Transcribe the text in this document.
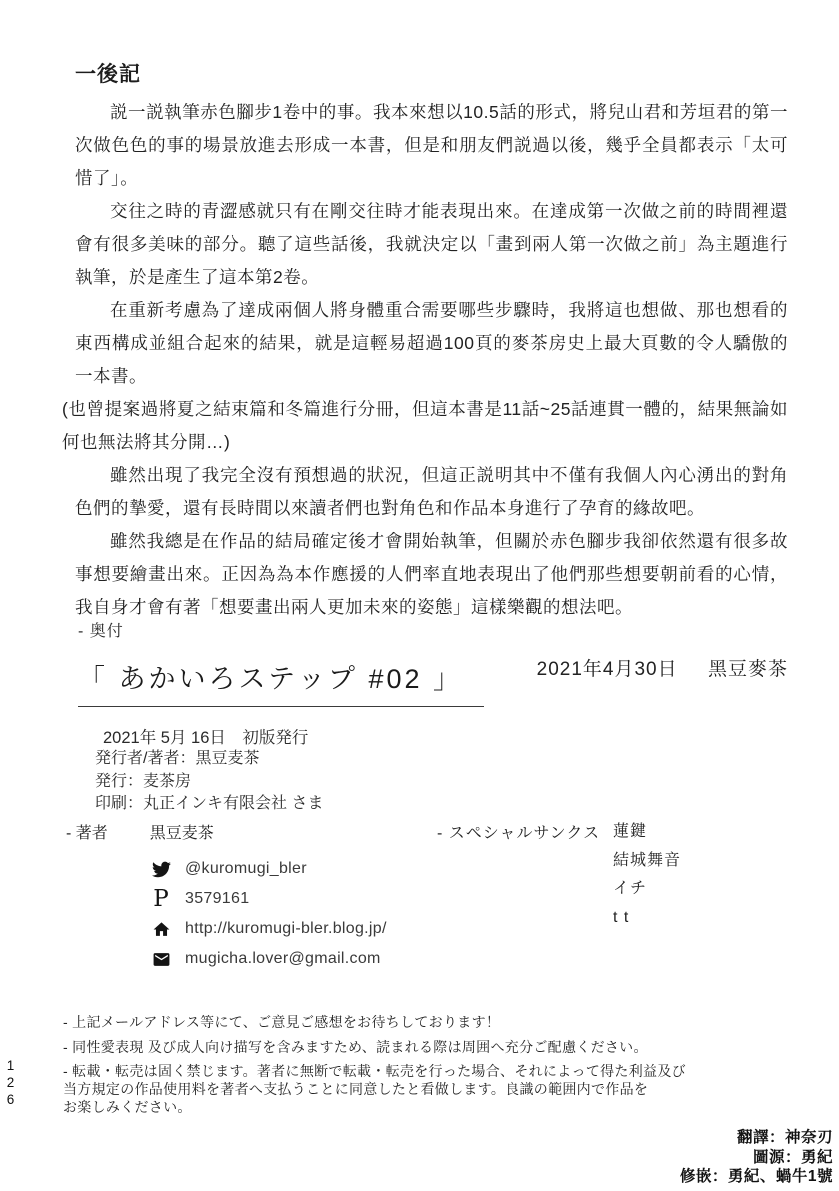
一後記

説一説執筆赤色腳步1卷中的事。我本來想以10.5話的形式，將兒山君和芳垣君的第一次做色色的事的場景放進去形成一本書，但是和朋友們説過以後，幾乎全員都表示「太可惜了」。

交往之時的青澀感就只有在剛交往時才能表現出來。在達成第一次做之前的時間裡還會有很多美味的部分。聽了這些話後，我就決定以「畫到兩人第一次做之前」為主題進行執筆，於是產生了這本第2卷。

在重新考慮為了達成兩個人將身體重合需要哪些步驟時，我將這也想做、那也想看的東西構成並組合起來的結果，就是這輕易超過100頁的麥茶房史上最大頁數的令人驕傲的一本書。

(也曾提案過將夏之結束篇和冬篇進行分冊，但這本書是11話~25話連貫一體的，結果無論如何也無法將其分開…)

雖然出現了我完全沒有預想過的狀況，但這正説明其中不僅有我個人內心湧出的對角色們的摯愛，還有長時間以來讀者們也對角色和作品本身進行了孕育的緣故吧。

雖然我總是在作品的結局確定後才會開始執筆，但關於赤色腳步我卻依然還有很多故事想要繪畫出來。正因為為本作應援的人們率直地表現出了他們那些想要朝前看的心情，我自身才會有著「想要畫出兩人更加未來的姿態」這樣樂觀的想法吧。

2021年4月30日 黑豆麥茶
- 奥付
「 あかいろステップ #02 」
2021年 5月 16日　初版発行
発行者/著者：黒豆麦茶
発行：麦茶房
印刷：丸正インキ有限会社 さま
- 著者	黒豆麦茶
@kuromugi_bler
P 3579161
http://kuromugi-bler.blog.jp/
mugicha.lover@gmail.com
- スペシャルサンクス 蓮鍵
結城舞音
イチ
t t
- 上記メールアドレス等にて、ご意見ご感想をお待ちしております！
- 同性愛表現 及び成人向け描写を含みますため、読まれる際は周囲へ充分ご配慮ください。
- 転載・転売は固く禁じます。著者に無断で転載・転売を行った場合、それによって得た利益及び
当方規定の作品使用料を著者へ支払うことに同意したと看做します。良識の範囲内で作品を
お楽しみください。
126
翻譯：神奈刃
圖源：勇紀
修嵌：勇紀、蝸牛1號
